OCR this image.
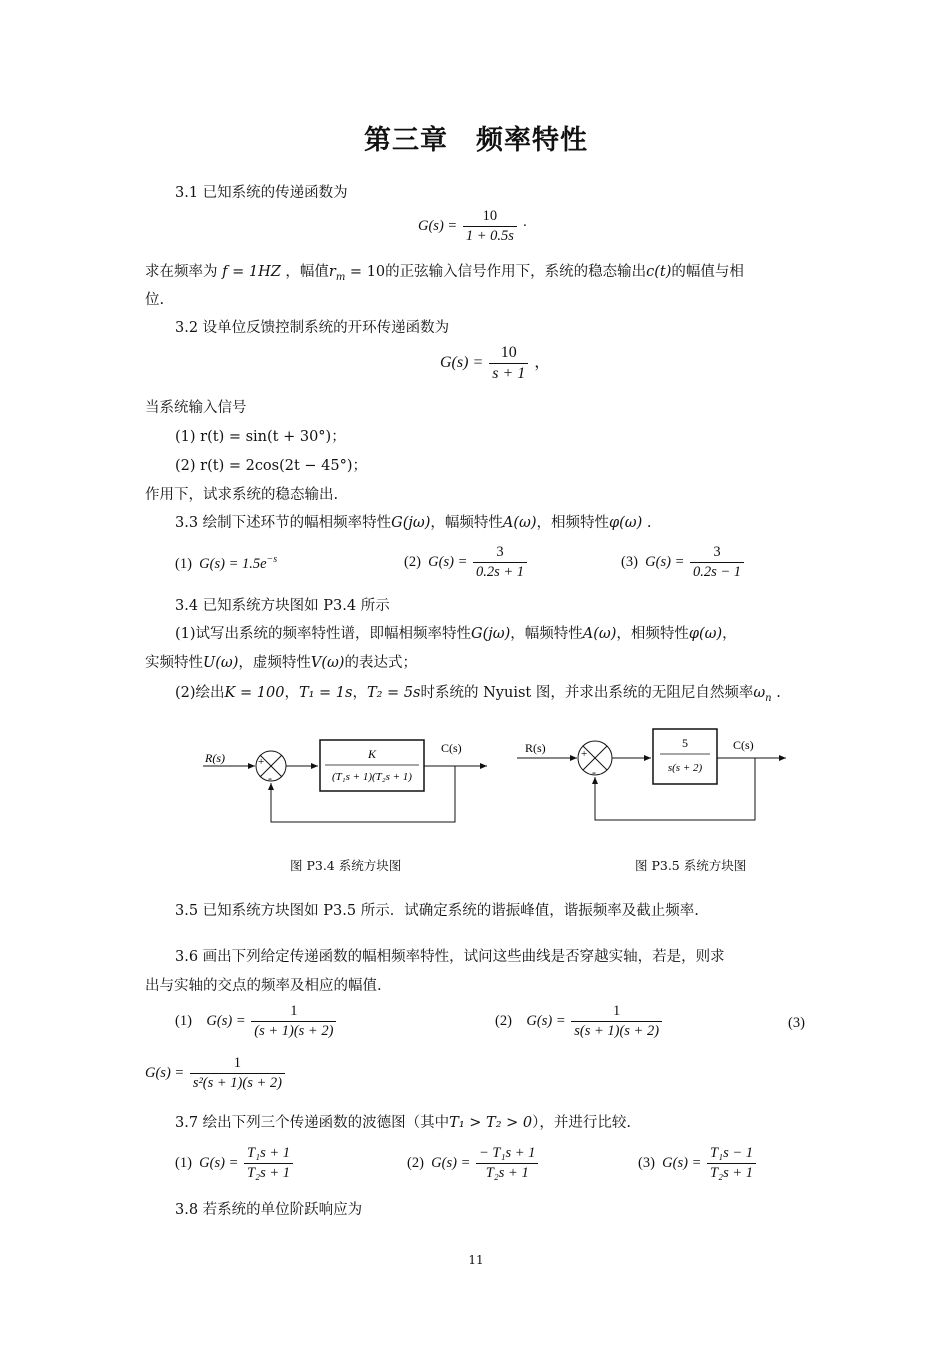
第三章　频率特性
3.1 已知系统的传递函数为
$G(s) = \frac{10}{1 + 0.5s}$ ·
求在频率为 f = 1HZ ，幅值$r_m = 10$的正弦输入信号作用下，系统的稳态输出c(t)的幅值与相
位.
3.2 设单位反馈控制系统的开环传递函数为
$G(s) = \frac{10}{s + 1}$ ，
当系统输入信号
(1) r(t) = sin(t + 30°)；
(2) r(t) = 2cos(2t − 45°)；
作用下，试求系统的稳态输出.
3.3 绘制下述环节的幅相频率特性G(jω)，幅频特性A(ω)，相频特性φ(ω) .
(1) $G(s) = 1.5e^{-s}$	(2) $G(s) = \frac{3}{0.2s + 1}$	(3) $G(s) = \frac{3}{0.2s - 1}$
3.4 已知系统方块图如 P3.4 所示
(1)试写出系统的频率特性谱，即幅相频率特性G(jω)，幅频特性A(ω)，相频特性φ(ω)，
实频特性U(ω)，虚频特性V(ω)的表达式；
(2)绘出K = 100，T₁ = 1s，T₂ = 5s时系统的 Nyuist 图，并求出系统的无阻尼自然频率$\omega_n$ .
R(s)	+
-
K
(T₁s + 1)(T₂s + 1)
C(s)
图 P3.4 系统方块图
R(s)	+
-
5
s(s + 2)
C(s)
图 P3.5 系统方块图
3.5 已知系统方块图如 P3.5 所示．试确定系统的谐振峰值，谐振频率及截止频率.
3.6 画出下列给定传递函数的幅相频率特性，试问这些曲线是否穿越实轴，若是，则求
出与实轴的交点的频率及相应的幅值.
(1) $G(s) = \frac{1}{(s + 1)(s + 2)}$	(2) $G(s) = \frac{1}{s(s + 1)(s + 2)}$	(3)
$G(s) = \frac{1}{\text{s²(s + 1)(s + 2)}}$
3.7 绘出下列三个传递函数的波德图（其中T₁ > T₂ > 0），并进行比较.
(1) $G(s) = \frac{\text{T₁s + 1}}{\text{T₂s + 1}}$	(2) $G(s) = \frac{\text{− T₁s + 1}}{\text{T₂s + 1}}$	(3) $G(s) = \frac{\text{T₁s − 1}}{\text{T₂s + 1}}$
3.8 若系统的单位阶跃响应为
11
